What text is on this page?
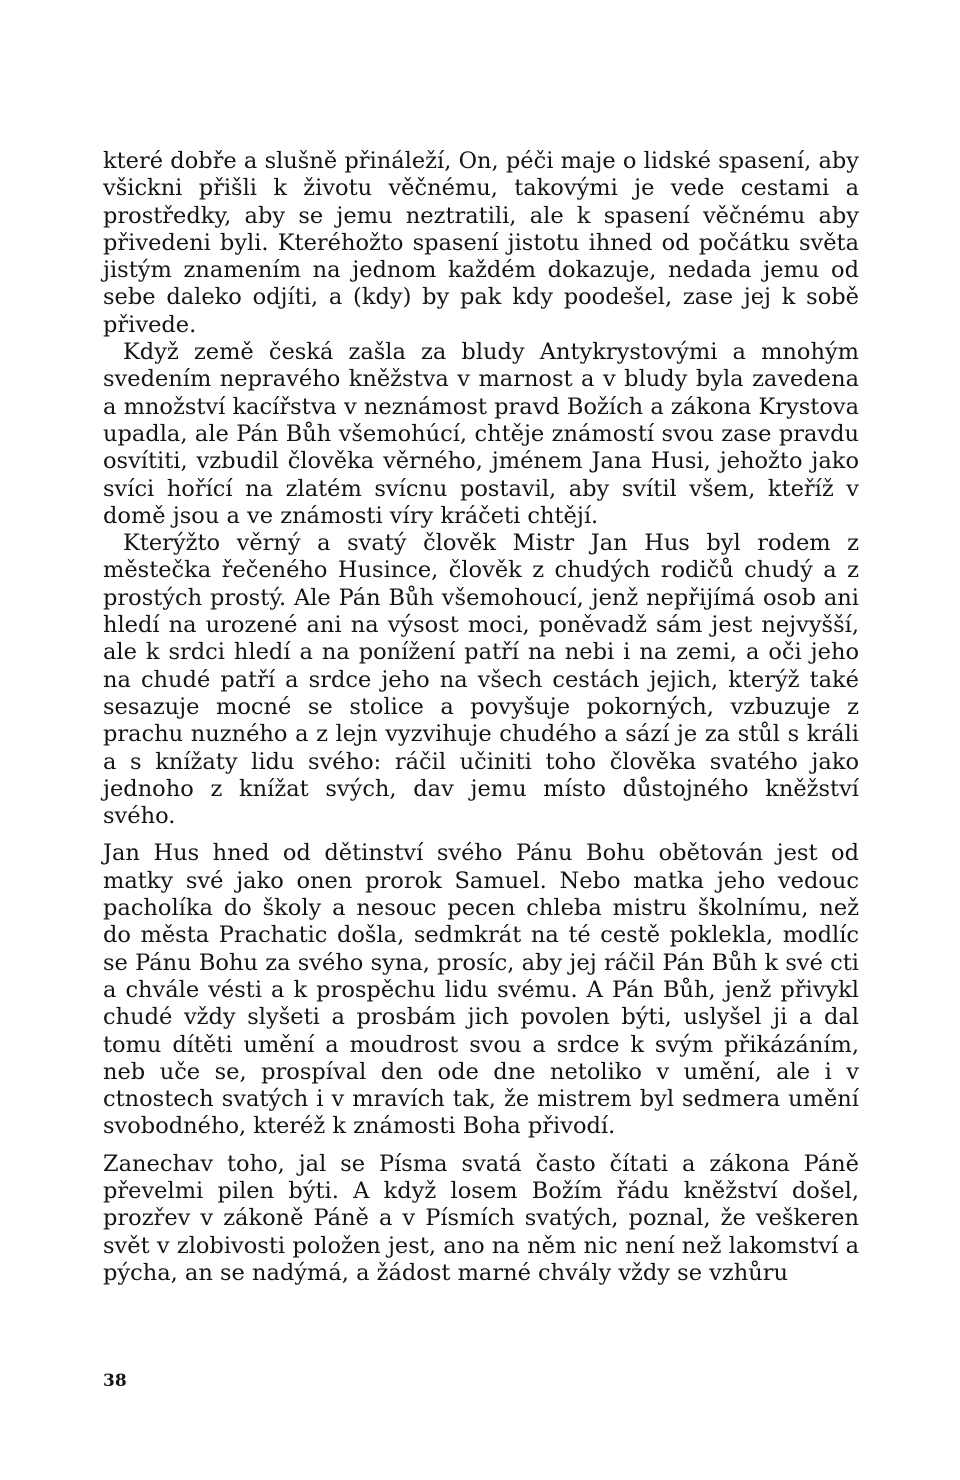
které dobře a slušně přináleží, On, péči maje o lidské spasení, aby všickni přišli k životu věčnému, takovými je vede cestami a prostředky, aby se jemu neztratili, ale k spasení věčnému aby přivedeni byli. Kteréhožto spasení jistotu ihned od počátku světa jistým znamením na jednom každém dokazuje, nedada jemu od sebe daleko odjíti, a (kdy) by pak kdy poodešel, zase jej k sobě přivede.

Když země česká zašla za bludy Antykrystovými a mnohým svedením nepravého kněžstva v marnost a v bludy byla zavedena a množství kacířstva v neznámost pravd Božích a zákona Krystova upadla, ale Pán Bůh všemohúcí, chtěje známostí svou zase pravdu osvítiti, vzbudil člověka věrného, jménem Jana Husi, jehožto jako svíci hořící na zlatém svícnu postavil, aby svítil všem, kteříž v domě jsou a ve známosti víry kráčeti chtějí.

Kterýžto věrný a svatý člověk Mistr Jan Hus byl rodem z městečka řečeného Husince, člověk z chudých rodičů chudý a z prostých prostý. Ale Pán Bůh všemohoucí, jenž nepřijímá osob ani hledí na urozené ani na výsost moci, poněvadž sám jest nejvyšší, ale k srdci hledí a na ponížení patří na nebi i na zemi, a oči jeho na chudé patří a srdce jeho na všech cestách jejich, kterýž také sesazuje mocné se stolice a povyšuje pokorných, vzbuzuje z prachu nuzného a z lejn vyzvihuje chudého a sází je za stůl s králi a s knížaty lidu svého: ráčil učiniti toho člověka svatého jako jednoho z knížat svých, dav jemu místo důstojného kněžství svého.

Jan Hus hned od dětinství svého Pánu Bohu obětován jest od matky své jako onen prorok Samuel. Nebo matka jeho vedouc pacholíka do školy a nesouc pecen chleba mistru školnímu, než do města Prachatic došla, sedmkrát na té cestě poklekla, modlíc se Pánu Bohu za svého syna, prosíc, aby jej ráčil Pán Bůh k své cti a chvále vésti a k prospěchu lidu svému. A Pán Bůh, jenž přivykl chudé vždy slyšeti a prosbám jich povolen býti, uslyšel ji a dal tomu dítěti umění a moudrost svou a srdce k svým přikázáním, neb uče se, prospíval den ode dne netoliko v umění, ale i v ctnostech svatých i v mravích tak, že mistrem byl sedmera umění svobodného, kteréž k známosti Boha přivodí.

Zanechav toho, jal se Písma svatá často čítati a zákona Páně převelmi pilen býti. A když losem Božím řádu kněžství došel, prozřev v zákoně Páně a v Písmích svatých, poznal, že veškeren svět v zlobivosti položen jest, ano na něm nic není než lakomství a pýcha, an se nadýmá, a žádost marné chvály vždy se vzhůru

38
